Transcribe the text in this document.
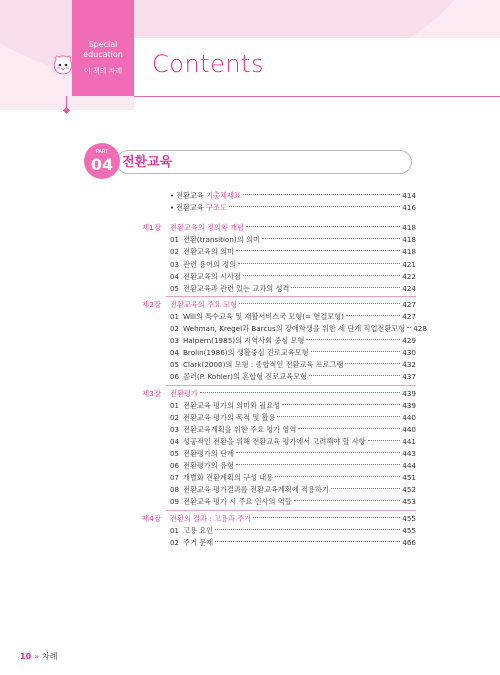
Special
education
이 책의 차례	Contents
PART
04 전환교육
• 전환교육 기출체제표	414
• 전환교육 구조도	416
제1장 전환교육의 정의와 개념	418
01 전환(transition)의 의미	418
02 전환교육의 의미	418
03 관련 용어의 정의	421
04 전환교육의 시사점	422
05 전환교육과 관련 있는 교과의 성격	424
제2장 전환교육의 주요 모형	427
01 Will의 특수교육 및 재활서비스국 모형(= 연결모형)	427
02 Wehman, Kregel과 Barcus의 장애학생을 위한 세 단계 직업전환모형 428
03 Halpern(1985)의 지역사회 중심 모형	429
04 Brolin(1986)의 생활중심 진로교육모형	430
05 Clark(2000)의 모형 : 종합적인 전환교육 프로그램	432
06 콜러(P. Kohler)의 혼합형 진로교육모형	437
제3장 전환평가	439
01 전환교육 평가의 의미와 필요성	439
02 전환교육 평가의 목적 및 활용	440
03 전환교육계획을 위한 주요 평가 영역	440
04 성공적인 전환을 위해 전환교육 평가에서 고려해야 할 사항	441
05 전환평가의 단계	443
06 전환평가의 유형	444
07 개별화 전환계획의 구성 내용	451
08 전환교육 평가결과를 전환교육계획에 적용하기	452
09 전환교육 평가 시 주요 인사의 역할	453
제4장 전환의 결과 : 고용과 주거	455
01 고용 요인	455
02 주거 문제	466
10 » 차례
